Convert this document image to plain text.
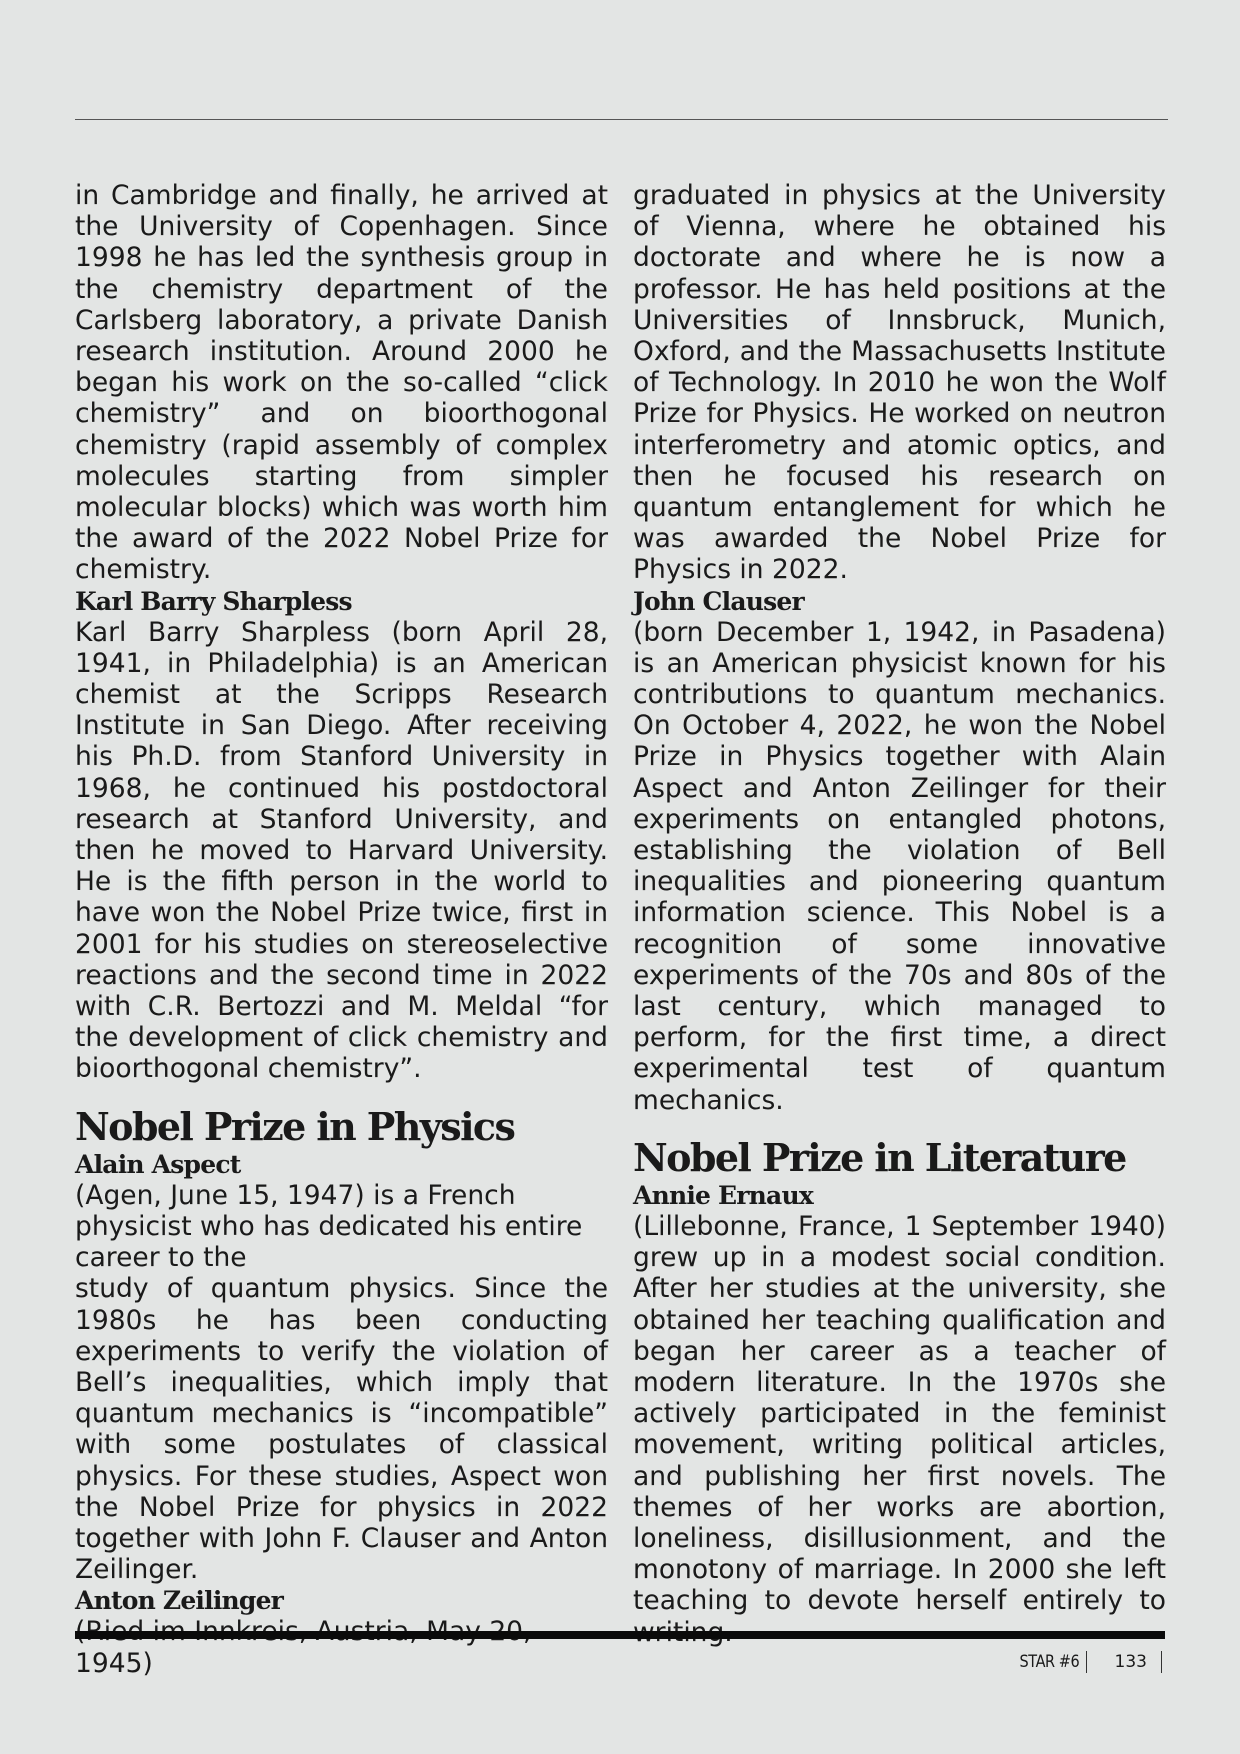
in Cambridge and finally, he arrived at the University of Copenhagen. Since 1998 he has led the synthesis group in the chemistry department of the Carlsberg laboratory, a private Danish research institution. Around 2000 he began his work on the so-called “click chemistry” and on bioorthogonal chemistry (rapid assembly of complex molecules starting from simpler molecular blocks) which was worth him the award of the 2022 Nobel Prize for chemistry.

Karl Barry Sharpless

Karl Barry Sharpless (born April 28, 1941, in Philadelphia) is an American chemist at the Scripps Research Institute in San Diego. After receiving his Ph.D. from Stanford University in 1968, he continued his postdoctoral research at Stanford University, and then he moved to Harvard University. He is the fifth person in the world to have won the Nobel Prize twice, first in 2001 for his studies on stereoselective reactions and the second time in 2022 with C.R. Bertozzi and M. Meldal “for the development of click chemistry and bioorthogonal chemistry”.

Nobel Prize in Physics
Alain Aspect

(Agen, June 15, 1947) is a French physicist who has dedicated his entire career to the

study of quantum physics. Since the 1980s he has been conducting experiments to verify the violation of Bell’s inequalities, which imply that quantum mechanics is “incompatible” with some postulates of classical physics. For these studies, Aspect won the Nobel Prize for physics in 2022 together with John F. Clauser and Anton Zeilinger.

Anton Zeilinger

1945)

graduated in physics at the University of Vienna, where he obtained his doctorate and where he is now a professor. He has held positions at the Universities of Innsbruck, Munich, Oxford, and the Massachusetts Institute of Technology. In 2010 he won the Wolf Prize for Physics. He worked on neutron interferometry and atomic optics, and then he focused his research on quantum entanglement for which he was awarded the Nobel Prize for Physics in 2022.

John Clauser

(born December 1, 1942, in Pasadena) is an American physicist known for his contributions to quantum mechanics. On October 4, 2022, he won the Nobel Prize in Physics together with Alain Aspect and Anton Zeilinger for their experiments on entangled photons, establishing the violation of Bell inequalities and pioneering quantum information science. This Nobel is a recognition of some innovative experiments of the 70s and 80s of the last century, which managed to perform, for the first time, a direct experimental test of quantum mechanics.

Nobel Prize in Literature
Annie Ernaux

(Lillebonne, France, 1 September 1940) grew up in a modest social condition. After her studies at the university, she obtained her teaching qualification and began her career as a teacher of modern literature. In the 1970s she actively participated in the feminist movement, writing political articles, and publishing her first novels. The themes of her works are abortion, loneliness, disillusionment, and the monotony of marriage. In 2000 she left teaching to devote herself entirely to

STAR #6 133
